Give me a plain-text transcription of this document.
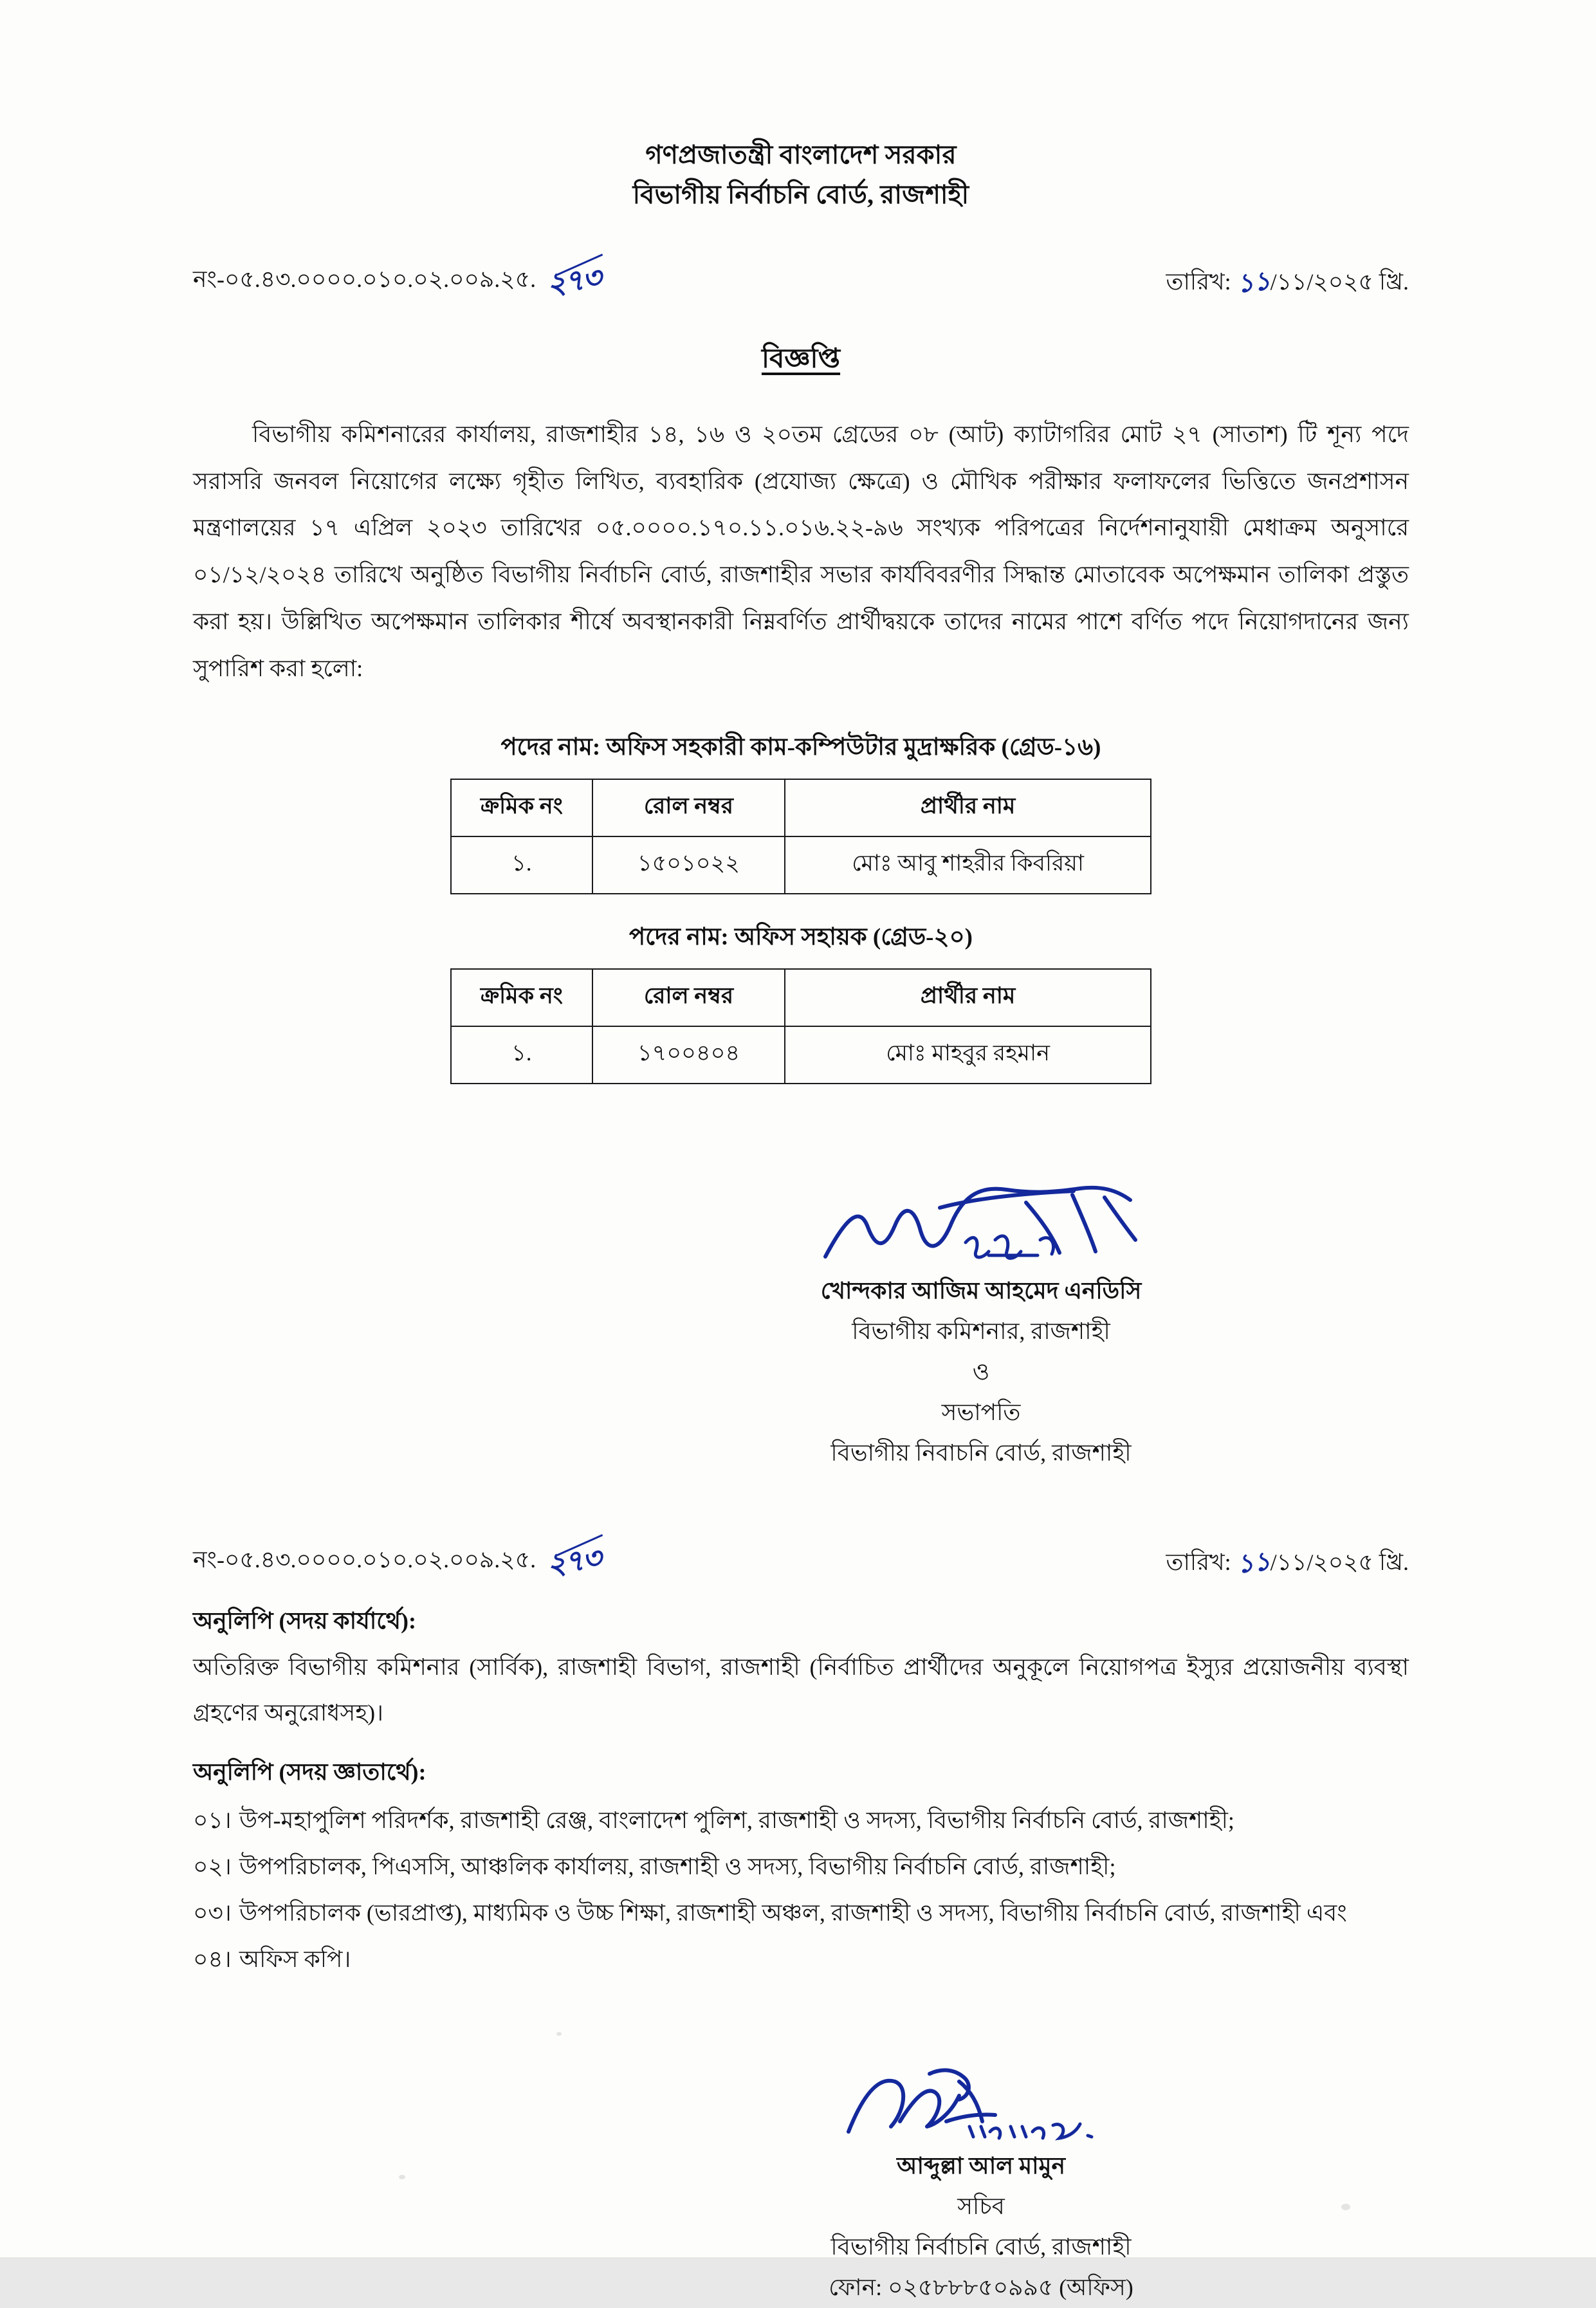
গণপ্রজাতন্ত্রী বাংলাদেশ সরকার
বিভাগীয় নির্বাচনি বোর্ড, রাজশাহী
নং-০৫.৪৩.০০০০.০১০.০২.০০৯.২৫. ২৭৩	তারিখ: ১১/১১/২০২৫ খ্রি.
বিজ্ঞপ্তি
বিভাগীয় কমিশনারের কার্যালয়, রাজশাহীর ১৪, ১৬ ও ২০তম গ্রেডের ০৮ (আট) ক্যাটাগরির মোট ২৭ (সাতাশ) টি শূন্য পদে সরাসরি জনবল নিয়োগের লক্ষ্যে গৃহীত লিখিত, ব্যবহারিক (প্রযোজ্য ক্ষেত্রে) ও মৌখিক পরীক্ষার ফলাফলের ভিত্তিতে জনপ্রশাসন মন্ত্রণালয়ের ১৭ এপ্রিল ২০২৩ তারিখের ০৫.০০০০.১৭০.১১.০১৬.২২-৯৬ সংখ্যক পরিপত্রের নির্দেশনানুযায়ী মেধাক্রম অনুসারে ০১/১২/২০২৪ তারিখে অনুষ্ঠিত বিভাগীয় নির্বাচনি বোর্ড, রাজশাহীর সভার কার্যবিবরণীর সিদ্ধান্ত মোতাবেক অপেক্ষমান তালিকা প্রস্তুত করা হয়। উল্লিখিত অপেক্ষমান তালিকার শীর্ষে অবস্থানকারী নিম্নবর্ণিত প্রার্থীদ্বয়কে তাদের নামের পাশে বর্ণিত পদে নিয়োগদানের জন্য সুপারিশ করা হলো:
পদের নাম: অফিস সহকারী কাম-কম্পিউটার মুদ্রাক্ষরিক (গ্রেড-১৬)
ক্রমিক নং	রোল নম্বর	প্রার্থীর নাম
১.	১৫০১০২২	মোঃ আবু শাহরীর কিবরিয়া
পদের নাম: অফিস সহায়ক (গ্রেড-২০)
ক্রমিক নং	রোল নম্বর	প্রার্থীর নাম
১.	১৭০০৪০৪	মোঃ মাহবুর রহমান
খোন্দকার আজিম আহমেদ এনডিসি
বিভাগীয় কমিশনার, রাজশাহী
ও
সভাপতি
বিভাগীয় নিবাচনি বোর্ড, রাজশাহী
নং-০৫.৪৩.০০০০.০১০.০২.০০৯.২৫. ২৭৩	তারিখ: ১১/১১/২০২৫ খ্রি.
অনুলিপি (সদয় কার্যার্থে):
অতিরিক্ত বিভাগীয় কমিশনার (সার্বিক), রাজশাহী বিভাগ, রাজশাহী (নির্বাচিত প্রার্থীদের অনুকূলে নিয়োগপত্র ইস্যুর প্রয়োজনীয় ব্যবস্থা গ্রহণের অনুরোধসহ)।
অনুলিপি (সদয় জ্ঞাতার্থে):
০১। উপ-মহাপুলিশ পরিদর্শক, রাজশাহী রেঞ্জ, বাংলাদেশ পুলিশ, রাজশাহী ও সদস্য, বিভাগীয় নির্বাচনি বোর্ড, রাজশাহী;
০২। উপপরিচালক, পিএসসি, আঞ্চলিক কার্যালয়, রাজশাহী ও সদস্য, বিভাগীয় নির্বাচনি বোর্ড, রাজশাহী;
০৩। উপপরিচালক (ভারপ্রাপ্ত), মাধ্যমিক ও উচ্চ শিক্ষা, রাজশাহী অঞ্চল, রাজশাহী ও সদস্য, বিভাগীয় নির্বাচনি বোর্ড, রাজশাহী এবং
০৪। অফিস কপি।
আব্দুল্লা আল মামুন
সচিব
বিভাগীয় নির্বাচনি বোর্ড, রাজশাহী
ফোন: ০২৫৮৮৮৫০৯৯৫ (অফিস)
